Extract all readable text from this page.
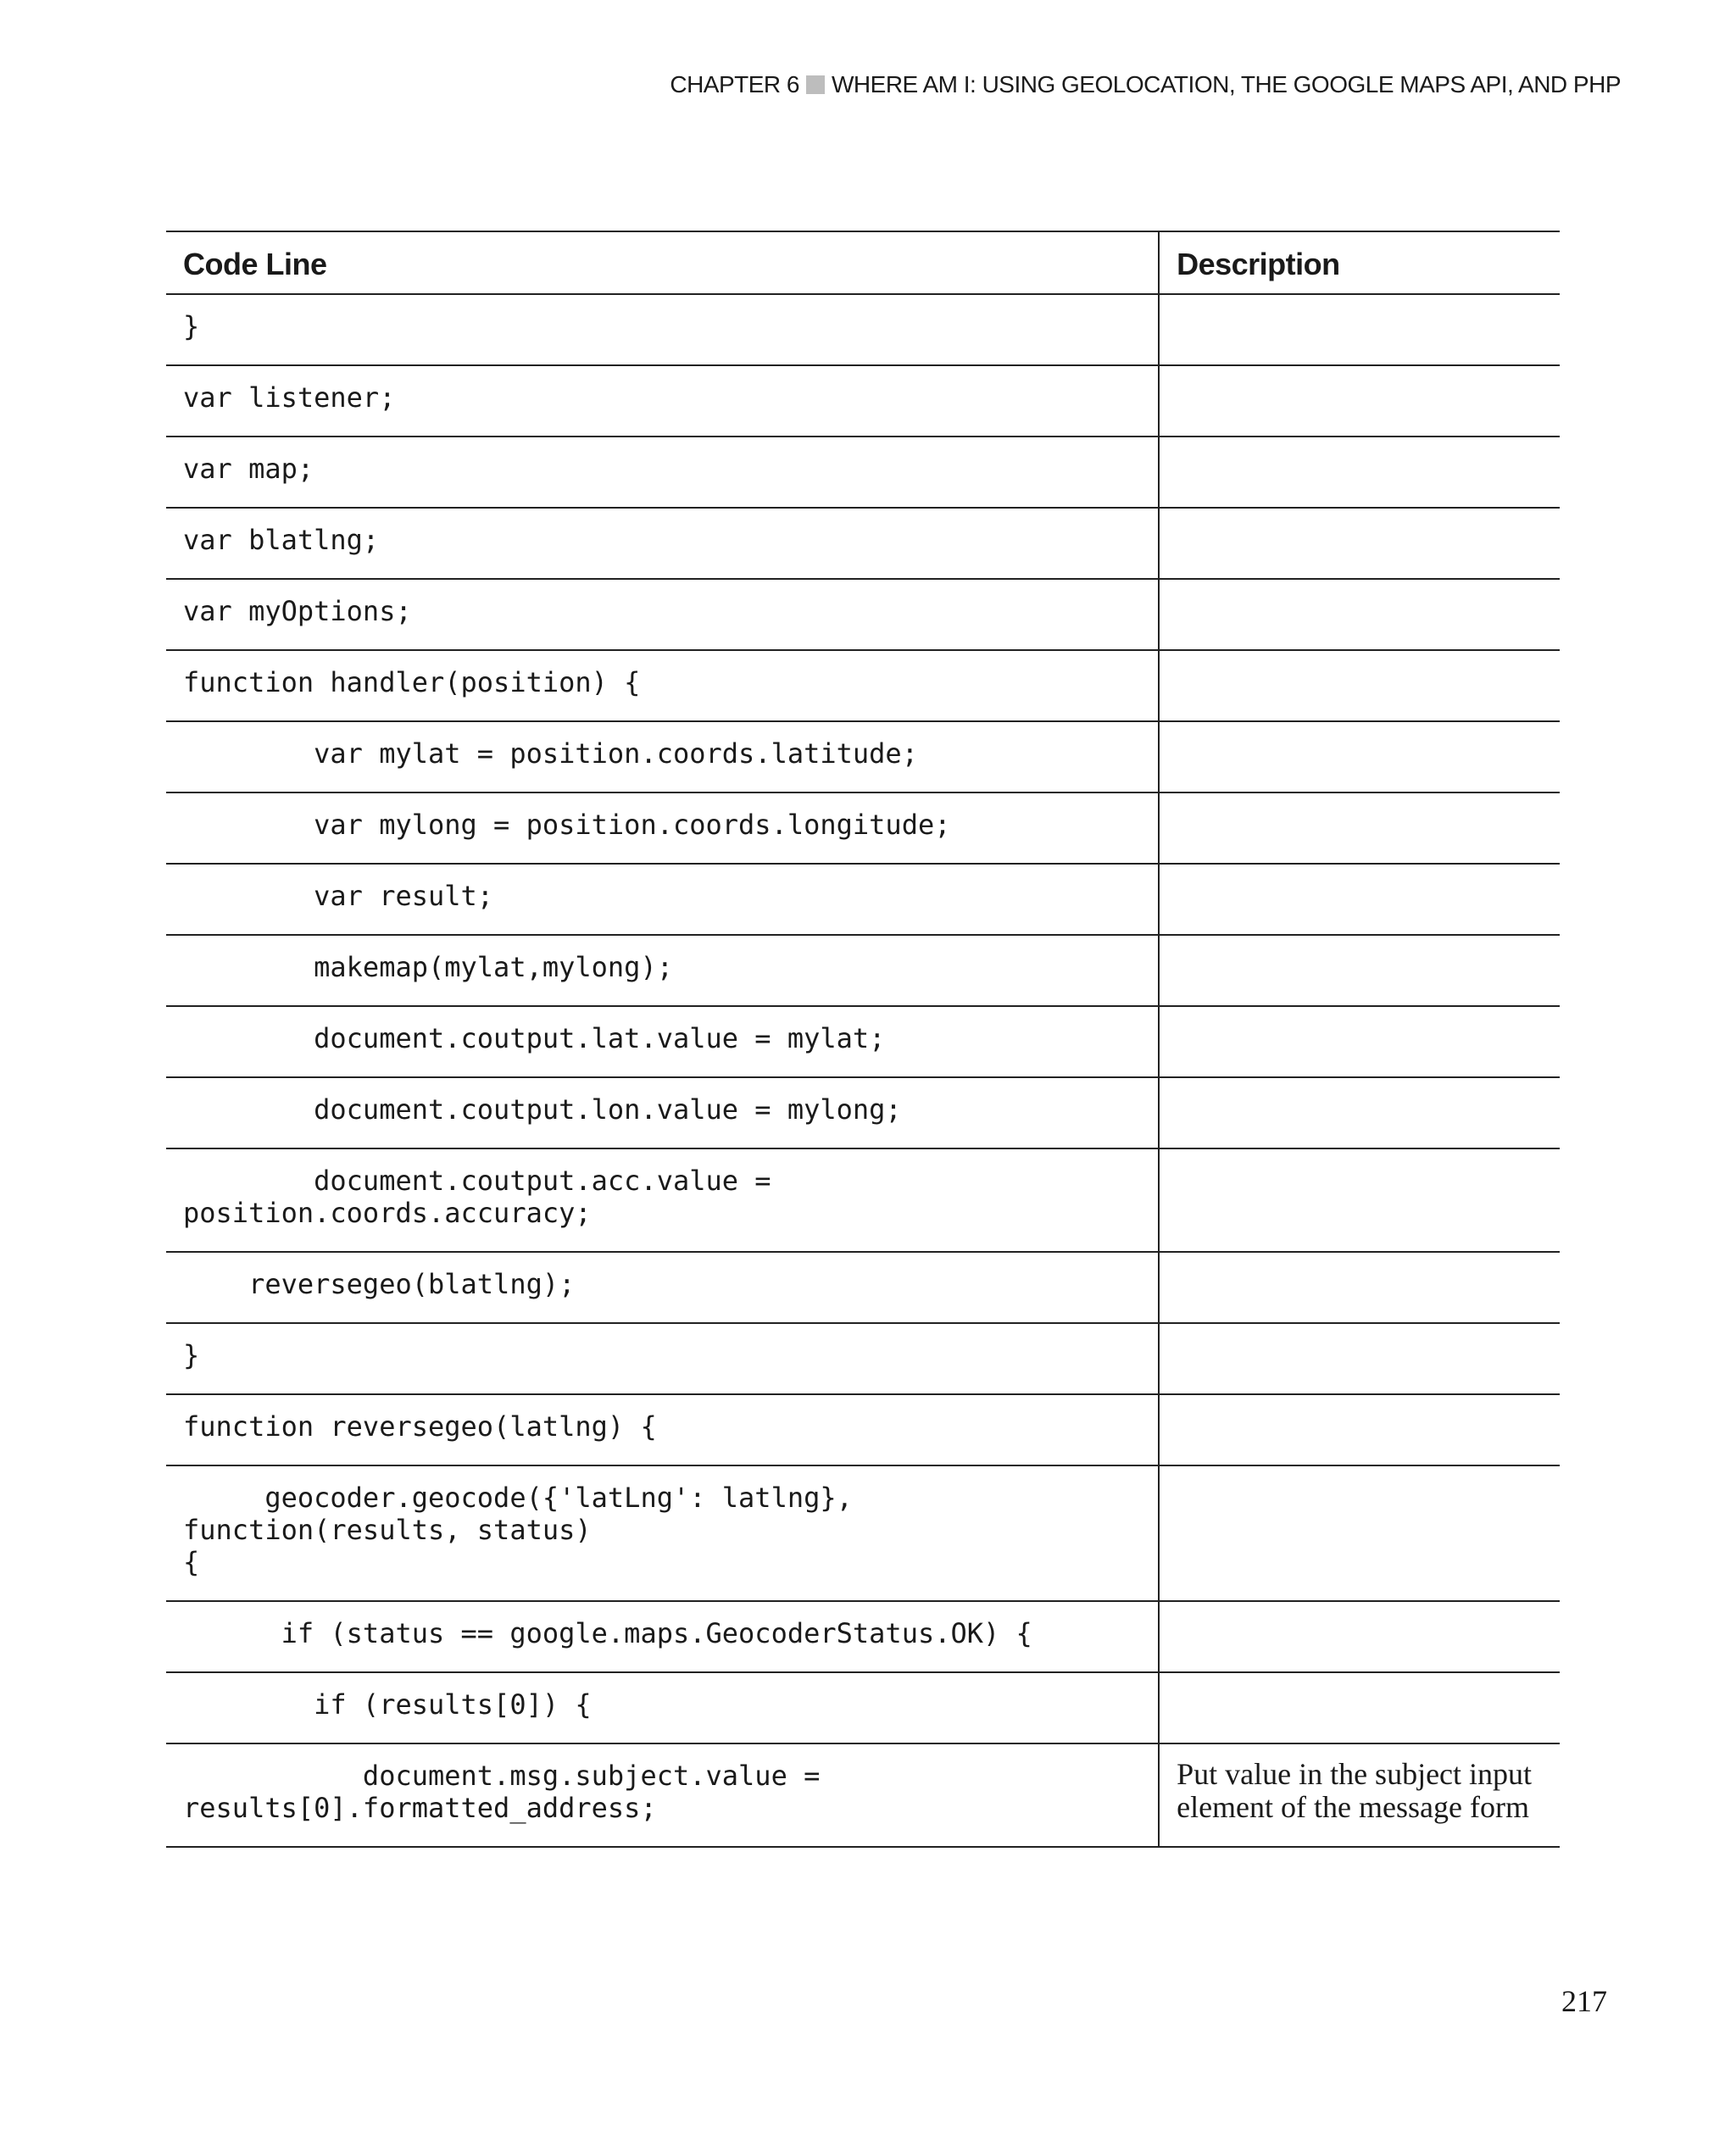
CHAPTER 6 WHERE AM I: USING GEOLOCATION, THE GOOGLE MAPS API, AND PHP
Code Line	Description
}	
var listener;	
var map;	
var blatlng;	
var myOptions;	
function handler(position) {	
var mylat = position.coords.latitude;	
var mylong = position.coords.longitude;	
var result;	
makemap(mylat,mylong);	
document.coutput.lat.value = mylat;	
document.coutput.lon.value = mylong;	
document.coutput.acc.value = position.coords.accuracy;	
reversegeo(blatlng);	
}	
function reversegeo(latlng) {	
geocoder.geocode({'latLng': latlng}, function(results, status)
{	
if (status == google.maps.GeocoderStatus.OK) {	
if (results[0]) {	
document.msg.subject.value =
results[0].formatted_address;	Put value in the subject input element of the message form
217
